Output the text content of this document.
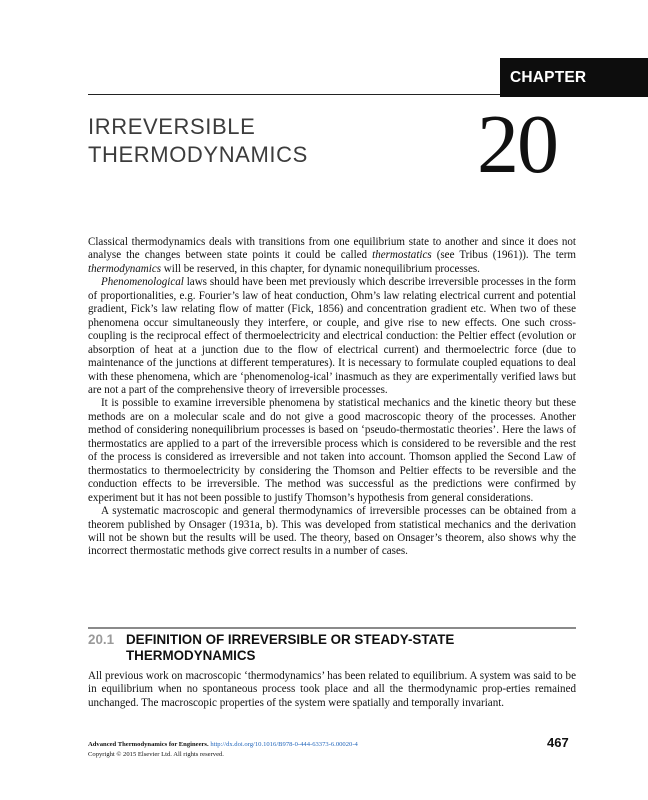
CHAPTER
IRREVERSIBLE
THERMODYNAMICS 20

Classical thermodynamics deals with transitions from one equilibrium state to another and since it does not analyse the changes between state points it could be called thermostatics (see Tribus (1961)). The term thermodynamics will be reserved, in this chapter, for dynamic nonequilibrium processes.

Phenomenological laws should have been met previously which describe irreversible processes in the form of proportionalities, e.g. Fourier’s law of heat conduction, Ohm’s law relating electrical current and potential gradient, Fick’s law relating flow of matter (Fick, 1856) and concentration gradient etc. When two of these phenomena occur simultaneously they interfere, or couple, and give rise to new effects. One such cross-coupling is the reciprocal effect of thermoelectricity and electrical conduction: the Peltier effect (evolution or absorption of heat at a junction due to the flow of electrical current) and thermoelectric force (due to maintenance of the junctions at different temperatures). It is necessary to formulate coupled equations to deal with these phenomena, which are ‘phenomenolog-ical’ inasmuch as they are experimentally verified laws but are not a part of the comprehensive theory of irreversible processes.

It is possible to examine irreversible phenomena by statistical mechanics and the kinetic theory but these methods are on a molecular scale and do not give a good macroscopic theory of the processes. Another method of considering nonequilibrium processes is based on ‘pseudo-thermostatic theories’. Here the laws of thermostatics are applied to a part of the irreversible process which is considered to be reversible and the rest of the process is considered as irreversible and not taken into account. Thomson applied the Second Law of thermostatics to thermoelectricity by considering the Thomson and Peltier effects to be reversible and the conduction effects to be irreversible. The method was successful as the predictions were confirmed by experiment but it has not been possible to justify Thomson’s hypothesis from general considerations.

A systematic macroscopic and general thermodynamics of irreversible processes can be obtained from a theorem published by Onsager (1931a, b). This was developed from statistical mechanics and the derivation will not be shown but the results will be used. The theory, based on Onsager’s theorem, also shows why the incorrect thermostatic methods give correct results in a number of cases.

20.1 DEFINITION OF IRREVERSIBLE OR STEADY-STATE THERMODYNAMICS

All previous work on macroscopic ‘thermodynamics’ has been related to equilibrium. A system was said to be in equilibrium when no spontaneous process took place and all the thermodynamic prop-erties remained unchanged. The macroscopic properties of the system were spatially and temporally invariant.

Advanced Thermodynamics for Engineers. http://dx.doi.org/10.1016/B978-0-444-63373-6.00020-4
Copyright © 2015 Elsevier Ltd. All rights reserved.
467
